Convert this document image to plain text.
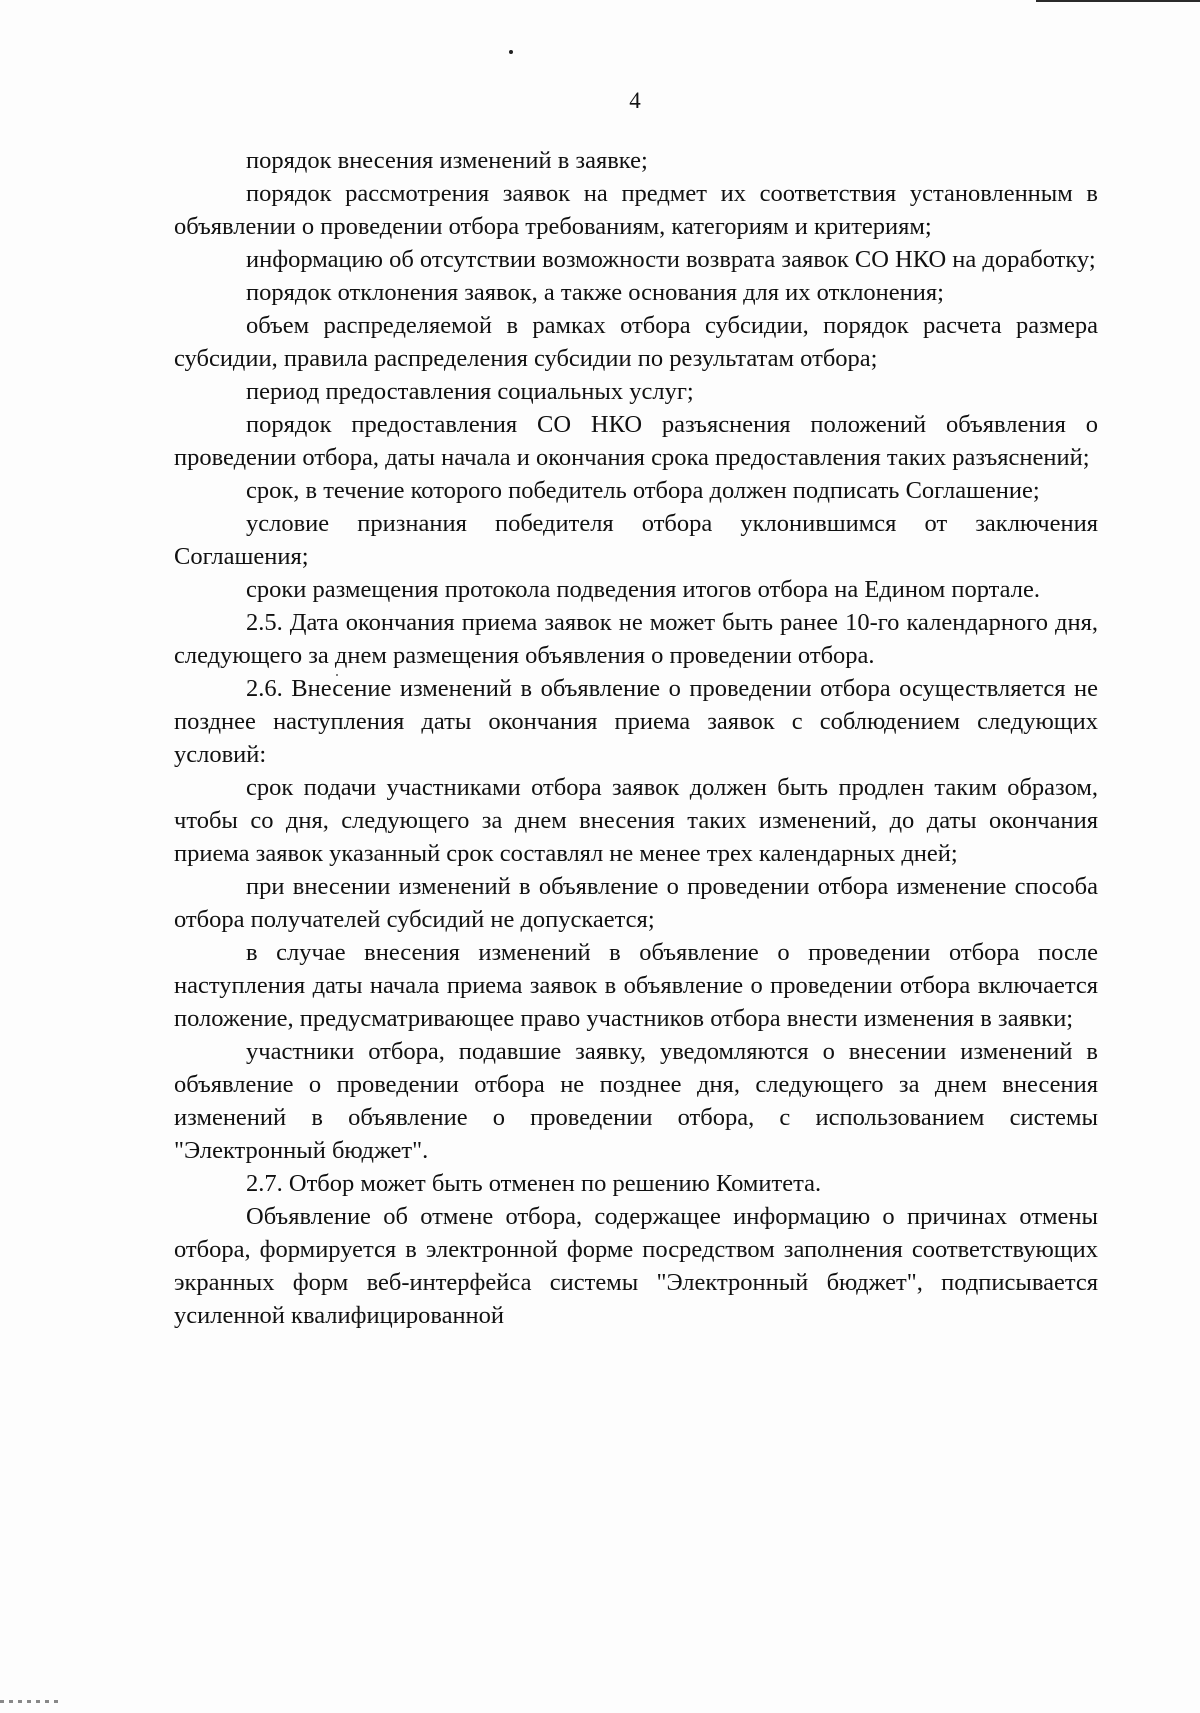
4

порядок внесения изменений в заявке;

порядок рассмотрения заявок на предмет их соответствия установленным в объявлении о проведении отбора требованиям, категориям и критериям;

информацию об отсутствии возможности возврата заявок СО НКО на доработку;

порядок отклонения заявок, а также основания для их отклонения;

объем распределяемой в рамках отбора субсидии, порядок расчета размера субсидии, правила распределения субсидии по результатам отбора;

период предоставления социальных услуг;

порядок предоставления СО НКО разъяснения положений объявления о проведении отбора, даты начала и окончания срока предоставления таких разъяснений;

срок, в течение которого победитель отбора должен подписать Соглашение;

условие признания победителя отбора уклонившимся от заключения Соглашения;

сроки размещения протокола подведения итогов отбора на Едином портале.

2.5. Дата окончания приема заявок не может быть ранее 10-го календарного дня, следующего за днем размещения объявления о проведении отбора.

2.6. Внесение изменений в объявление о проведении отбора осуществляется не позднее наступления даты окончания приема заявок с соблюдением следующих условий:

срок подачи участниками отбора заявок должен быть продлен таким образом, чтобы со дня, следующего за днем внесения таких изменений, до даты окончания приема заявок указанный срок составлял не менее трех календарных дней;

при внесении изменений в объявление о проведении отбора изменение способа отбора получателей субсидий не допускается;

в случае внесения изменений в объявление о проведении отбора после наступления даты начала приема заявок в объявление о проведении отбора включается положение, предусматривающее право участников отбора внести изменения в заявки;

участники отбора, подавшие заявку, уведомляются о внесении изменений в объявление о проведении отбора не позднее дня, следующего за днем внесения изменений в объявление о проведении отбора, с использованием системы "Электронный бюджет".

2.7. Отбор может быть отменен по решению Комитета.

Объявление об отмене отбора, содержащее информацию о причинах отмены отбора, формируется в электронной форме посредством заполнения соответствующих экранных форм веб-интерфейса системы "Электронный бюджет", подписывается усиленной квалифицированной
